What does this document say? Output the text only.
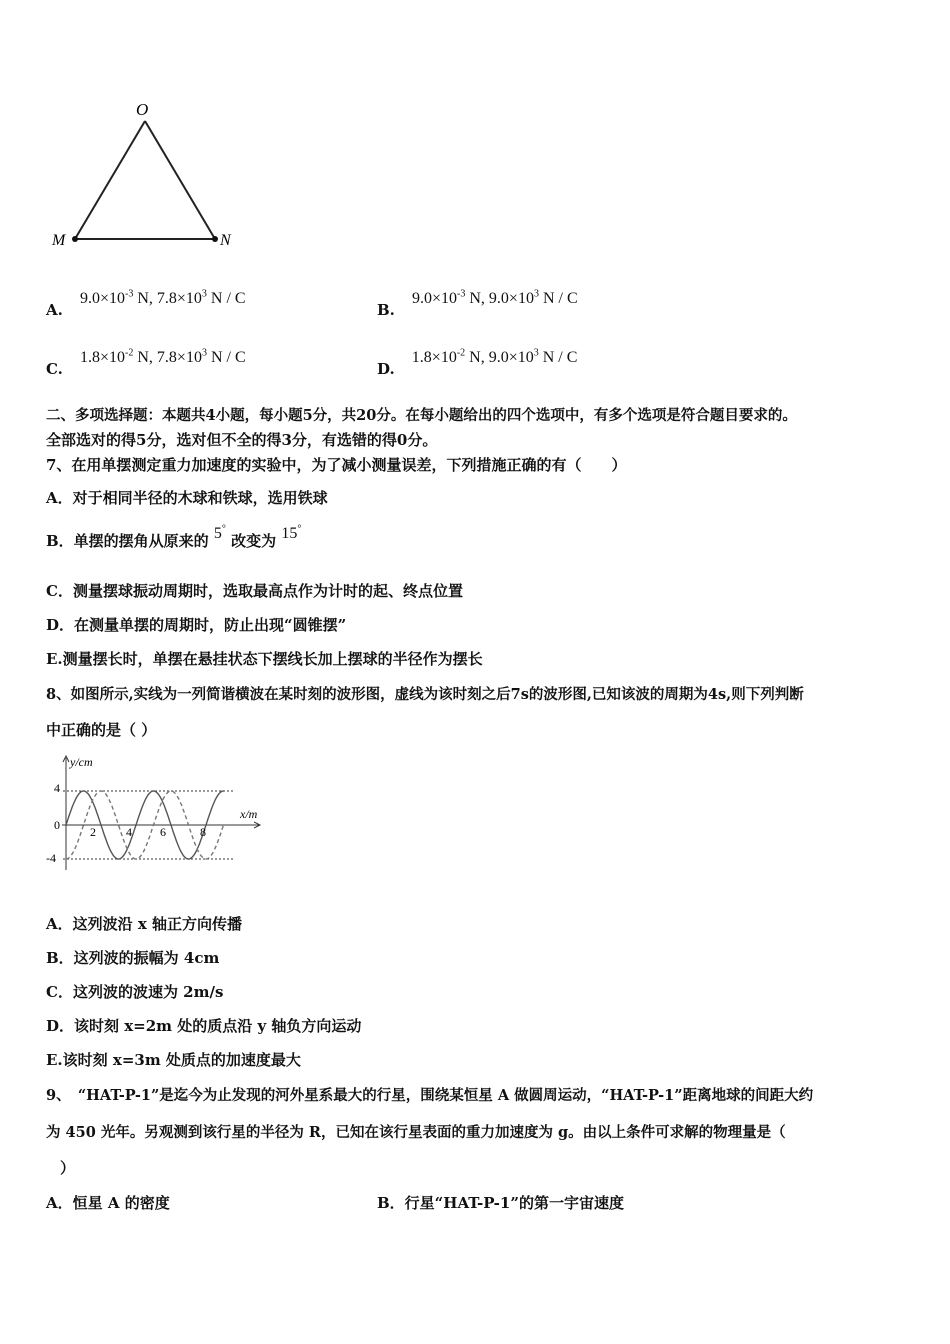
O
M	N
A. $9.0\times 10^{-3}$ N, $7.8\times 10^3$ N / C
B. $9.0\times 10^{-3}$ N, $9.0\times 10^3$ N / C
C. $1.8\times 10^{-2}$ N, $7.8\times 10^3$ N / C
D. $1.8\times 10^{-2}$ N, $9.0\times 10^3$ N / C
二、多项选择题：本题共4小题，每小题5分，共20分。在每小题给出的四个选项中，有多个选项是符合题目要求的。
全部选对的得5分，选对但不全的得3分，有选错的得0分。
7、在用单摆测定重力加速度的实验中，为了减小测量误差，下列措施正确的有（　　）
A．对于相同半径的木球和铁球，选用铁球
B．单摆的摆角从原来的 5° 改变为 15°
C．测量摆球振动周期时，选取最高点作为计时的起、终点位置
D．在测量单摆的周期时，防止出现“圆锥摆”
E.测量摆长时，单摆在悬挂状态下摆线长加上摆球的半径作为摆长
8、如图所示,实线为一列简谐横波在某时刻的波形图，虚线为该时刻之后7s的波形图,已知该波的周期为4s,则下列判断
中正确的是（ ）
y/cm
x/m
4
0
-4
2	4 6	8
A．这列波沿 x 轴正方向传播
B．这列波的振幅为 4cm
C．这列波的波速为 2m/s
D．该时刻 x=2m 处的质点沿 y 轴负方向运动
E.该时刻 x=3m 处质点的加速度最大
9、　“HAT-P-1”是迄今为止发现的河外星系最大的行星，围绕某恒星 A 做圆周运动，“HAT-P-1”距离地球的间距大约
为 450 光年。另观测到该行星的半径为 R，已知在该行星表面的重力加速度为 g。由以上条件可求解的物理量是（
）
A．恒星 A 的密度	B．行星“HAT-P-1”的第一宇宙速度
